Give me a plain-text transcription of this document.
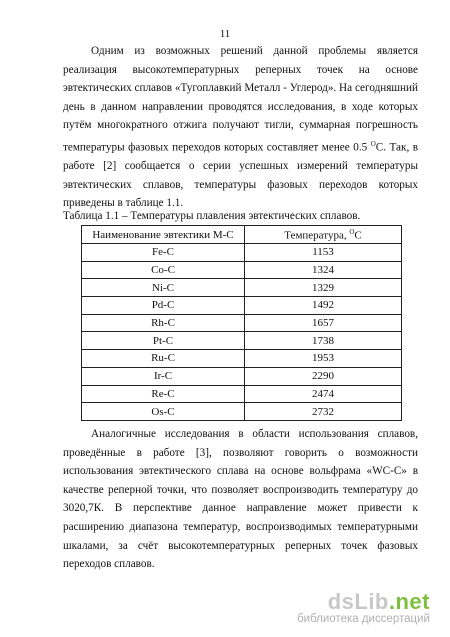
11
Одним из возможных решений данной проблемы является реализация высокотемпературных реперных точек на основе эвтектических сплавов «Тугоплавкий Металл - Углерод». На сегодняшний день в данном направлении проводятся исследования, в ходе которых путём многократного отжига получают тигли, суммарная погрешность температуры фазовых переходов которых составляет менее 0.5 $^O$C. Так, в работе [2] сообщается о серии успешных измерений температуры эвтектических сплавов, температуры фазовых переходов которых приведены в таблице 1.1.
Таблица 1.1 – Температуры плавления эвтектических сплавов.
Наименование эвтектики М-С	Температура, $^O$C
Fe-C	1153
Co-C	1324
Ni-C	1329
Pd-C	1492
Rh-C	1657
Pt-C	1738
Ru-C	1953
Ir-C	2290
Re-C	2474
Os-C	2732
Аналогичные исследования в области использования сплавов, проведённые в работе [3], позволяют говорить о возможности использования эвтектического сплава на основе вольфрама «WC-C» в качестве реперной точки, что позволяет воспроизводить температуру до 3020,7К. В перспективе данное направление может привести к расширению диапазона температур, воспроизводимых температурными шкалами, за счёт высокотемпературных реперных точек фазовых переходов сплавов.
dsLib.net
библиотека диссертаций
